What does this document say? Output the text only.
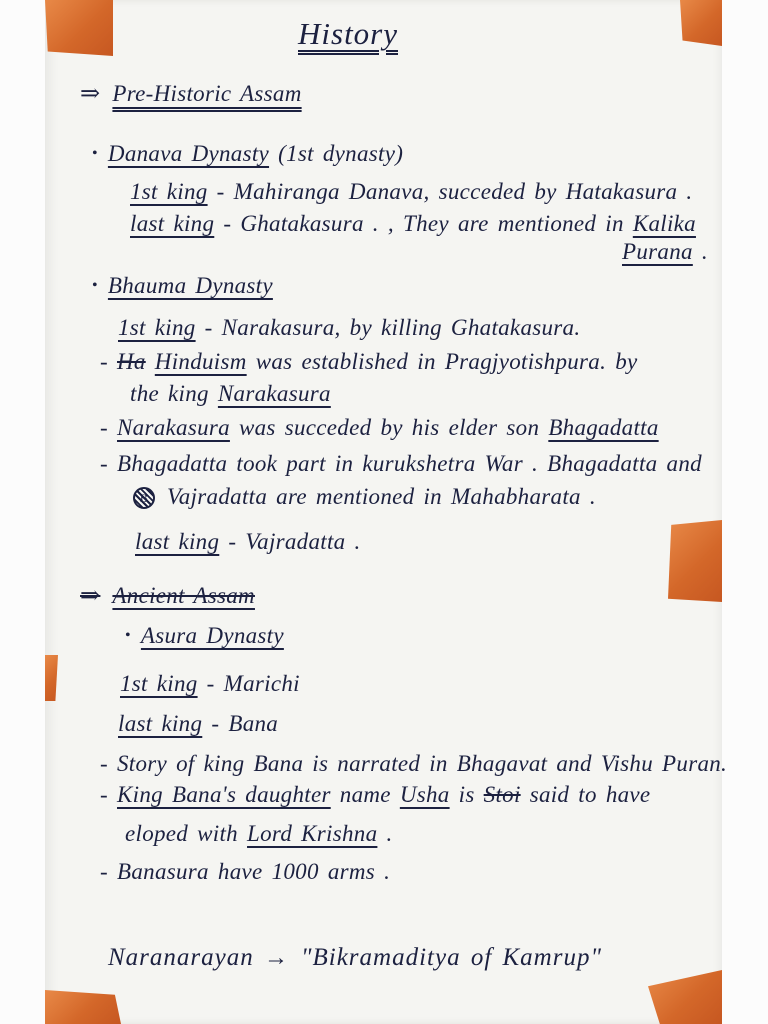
History
⇒ Pre-Historic Assam
• Danava Dynasty (1st dynasty)
1st king - Mahiranga Danava, succeded by Hatakasura .
last king - Ghatakasura . , They are mentioned in Kalika
Purana .
• Bhauma Dynasty
1st king - Narakasura, by killing Ghatakasura.
- Ha Hinduism was established in Pragjyotishpura. by
the king Narakasura
- Narakasura was succeded by his elder son Bhagadatta
- Bhagadatta took part in kurukshetra War . Bhagadatta and
B Vajradatta are mentioned in Mahabharata .
last king - Vajradatta .
⇒ Ancient Assam
• Asura Dynasty
1st king - Marichi
last king - Bana
- Story of king Bana is narrated in Bhagavat and Vishu Puran.
- King Bana's daughter name Usha is Stoi said to have
eloped with Lord Krishna .
- Banasura have 1000 arms .
Naranarayan → "Bikramaditya of Kamrup"
